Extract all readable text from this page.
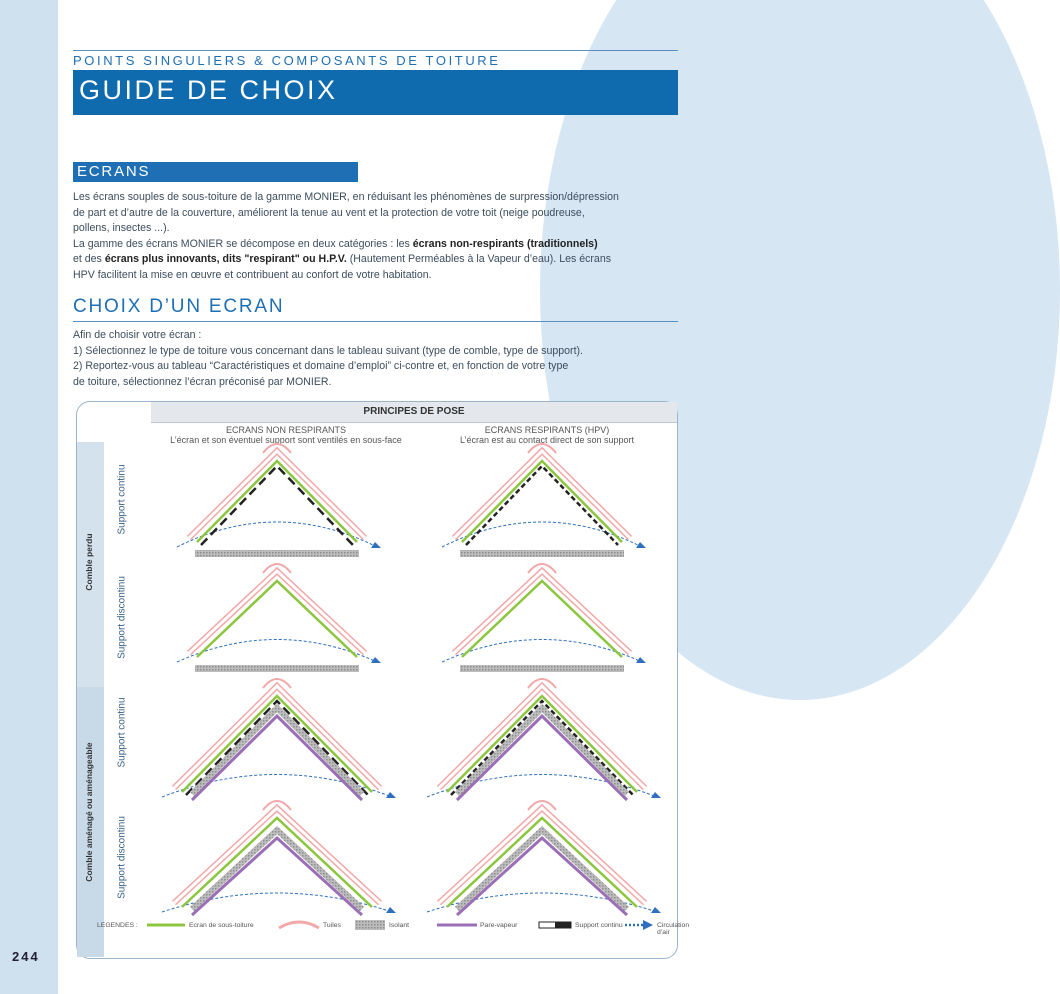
POINTS SINGULIERS & COMPOSANTS DE TOITURE
GUIDE DE CHOIX
ECRANS
Les écrans souples de sous-toiture de la gamme MONIER, en réduisant les phénomènes de surpression/dépression
de part et d’autre de la couverture, améliorent la tenue au vent et la protection de votre toit (neige poudreuse,
pollens, insectes ...).
La gamme des écrans MONIER se décompose en deux catégories : les écrans non-respirants (traditionnels)
et des écrans plus innovants, dits "respirant" ou H.P.V. (Hautement Perméables à la Vapeur d’eau). Les écrans
HPV facilitent la mise en œuvre et contribuent au confort de votre habitation.
CHOIX D’UN ECRAN
Afin de choisir votre écran :
1) Sélectionnez le type de toiture vous concernant dans le tableau suivant (type de comble, type de support).
2) Reportez-vous au tableau “Caractéristiques et domaine d’emploi” ci-contre et, en fonction de votre type
de toiture, sélectionnez l’écran préconisé par MONIER.
PRINCIPES DE POSE
ECRANS NON RESPIRANTS
L’écran et son éventuel support sont ventilés en sous-face
ECRANS RESPIRANTS (HPV)
L’écran est au contact direct de son support
Comble perdu
Comble aménagé ou aménageable
Support continu
Support discontinu
Support continu
Support discontinu
LEGENDES :	Ecran de sous-toiture	Tuiles	Isolant	Pare-vapeur	Support continu	Circulation d’air
244
